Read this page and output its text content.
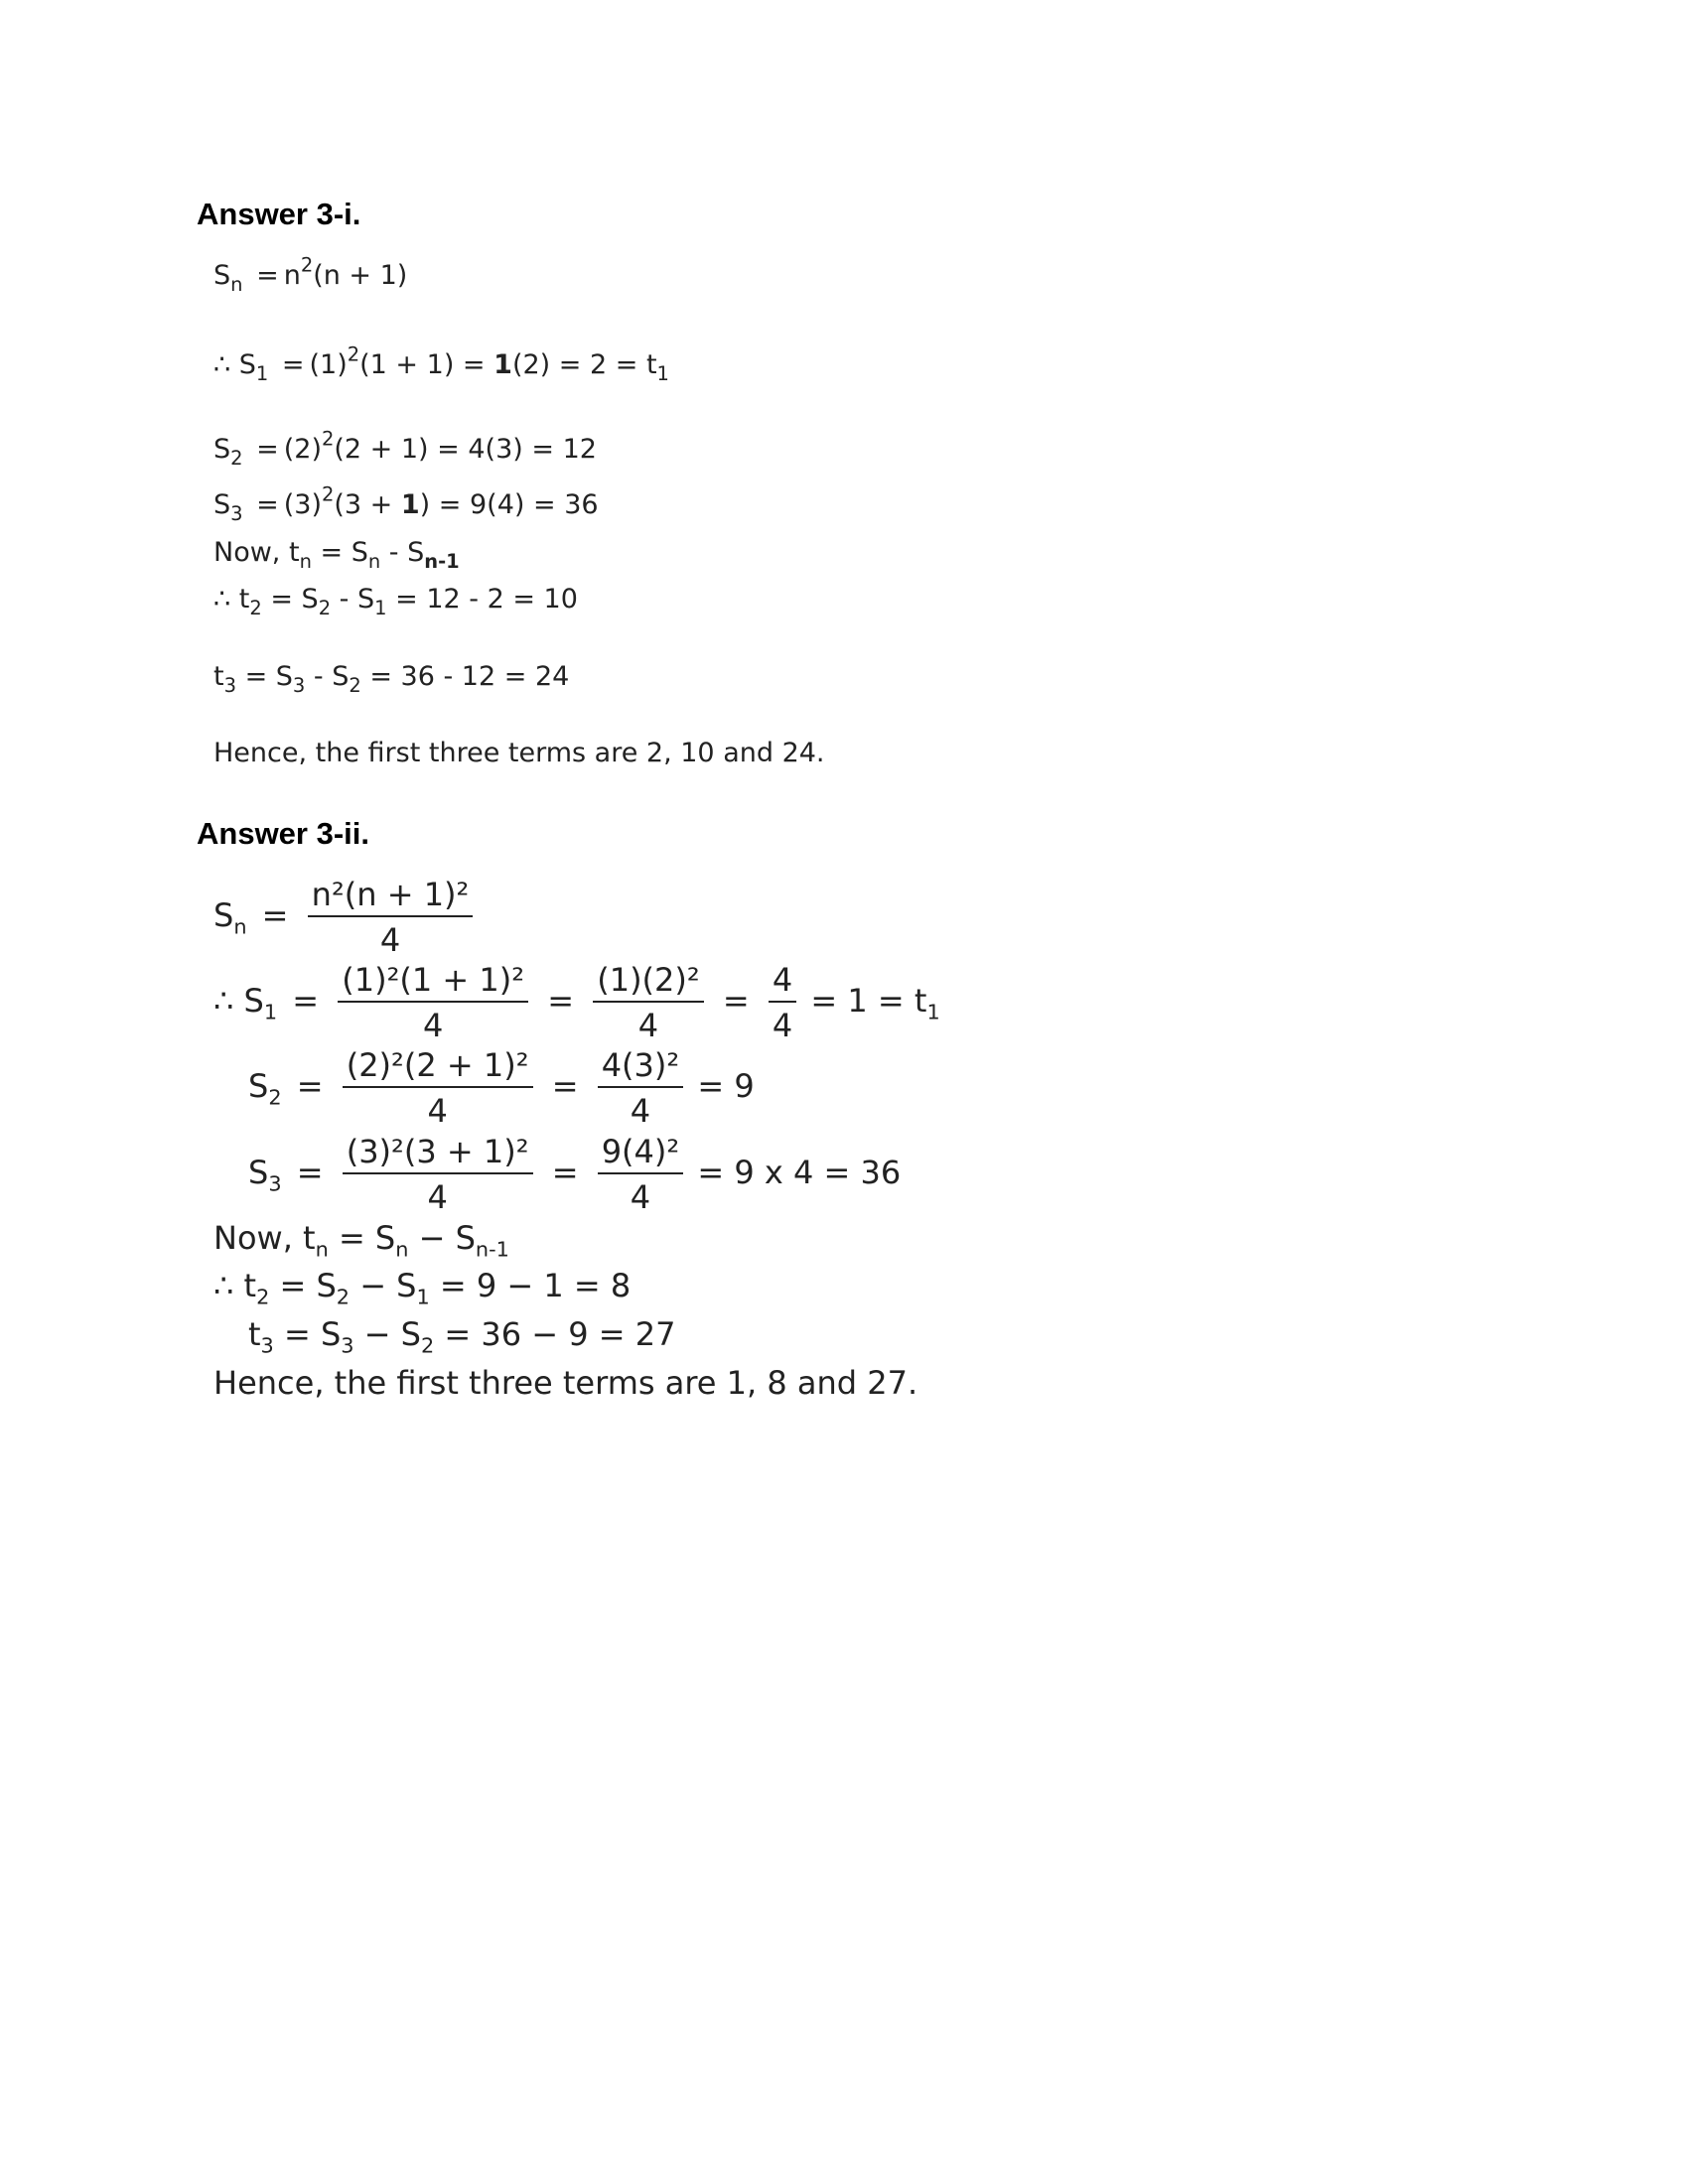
Answer 3-i.
$S_n = n^2(n + 1)$
∴ $S_1 = (1)^2(1 + 1) = 1(2) = 2 = t_1$
$S_2 = (2)^2(2 + 1) = 4(3) = 12$
$S_3 = (3)^2(3 + 1) = 9(4) = 36$
Now, $t_n = S_n - S_{n-1}$
∴ $t_2 = S_2 - S_1 = 12 - 2 = 10$
$t_3 = S_3 - S_2 = 36 - 12 = 24$
Hence, the first three terms are 2, 10 and 24.
Answer 3-ii.
$S_n = \frac{\text{n²(n + 1)²}}{4}$
∴ $S_1 = \frac{\text{(1)²(1 + 1)²}}{4} = \frac{\text{(1)(2)²}}{4} = \frac{4}{4} = 1 = t_1$
$S_2 = \frac{\text{(2)²(2 + 1)²}}{4} = \frac{\text{4(3)²}}{4} = 9$
$S_3 = \frac{\text{(3)²(3 + 1)²}}{4} = \frac{\text{9(4)²}}{4} = 9$ x 4 = 36
Now, $t_n = S_n - S_{n-1}$
∴ $t_2 = S_2 - S_1 = 9 - 1 = 8$
$t_3 = S_3 - S_2 = 36 - 9 = 27$
Hence, the first three terms are 1, 8 and 27.
